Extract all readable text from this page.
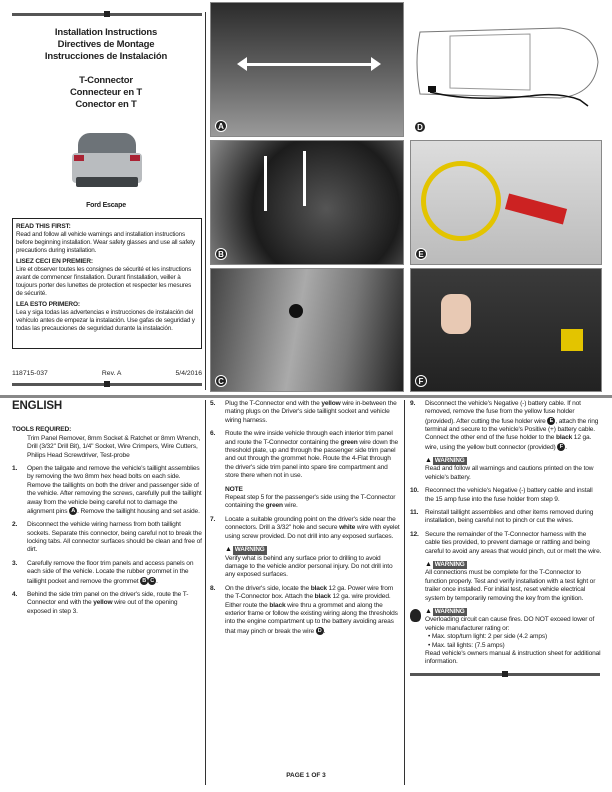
Installation Instructions
Directives de Montage
Instrucciones de Instalación
T-Connector
Connecteur en T
Conector en T
Ford Escape

READ THIS FIRST:
Read and follow all vehicle warnings and installation instructions before beginning installation. Wear safety glasses and use all safety precautions during installation.

LISEZ CECI EN PREMIER:
Lire et observer toutes les consignes de sécurité et les instructions avant de commencer l'installation. Durant l'installation, veiller à toujours porter des lunettes de protection et respecter les mesures de sécurité.

LEA ESTO PRIMERO:
Lea y siga todas las advertencias e instrucciones de instalación del vehículo antes de empezar la instalación. Use gafas de seguridad y todas las precauciones de seguridad durante la instalación.

118715-037	Rev. A	5/4/2016
A
B
C
D
E
F
ENGLISH
TOOLS REQUIRED:
Trim Panel Remover, 8mm Socket & Ratchet or 8mm Wrench, Drill (3/32" Drill Bit), 1/4" Socket, Wire Crimpers, Wire Cutters, Philips Head Screwdriver, Test-probe
1.	Open the tailgate and remove the vehicle's taillight assemblies by removing the two 8mm hex head bolts on each side. Remove the taillights on both the driver and passenger side of the vehicle. After removing the screws, carefully pull the taillight away from the vehicle being careful not to damage the alignment pins A . Remove the taillight housing and set aside.
2.	Disconnect the vehicle wiring harness from both taillight sockets. Separate this connector, being careful not to break the locking tabs. All connector surfaces should be clean and free of dirt.
3.	Carefully remove the floor trim panels and access panels on each side of the vehicle. Locate the rubber grommet in the taillight pocket and remove the grommet B C .
4.	Behind the side trim panel on the driver's side, route the T-Connector end with the yellow wire out of the opening exposed in step 3.
5.	Plug the T-Connector end with the yellow wire in-between the mating plugs on the Driver's side taillight socket and vehicle wiring harness.
6.	Route the wire inside vehicle through each interior trim panel and route the T-Connector containing the green wire down the threshold plate, up and through the passenger side trim panel and out through the grommet hole. Route the 4-Flat through the driver's side trim panel into spare tire compartment and store there when not in use.
NOTE
Repeat step 5 for the passenger's side using the T-Connector containing the green wire.
7.	Locate a suitable grounding point on the driver's side near the connectors. Drill a 3/32" hole and secure white wire with eyelet using screw provided. Do not drill into any exposed surfaces.
▲ WARNING
Verify what is behind any surface prior to drilling to avoid damage to the vehicle and/or personal injury. Do not drill into any exposed surfaces.
8.	On the driver's side, locate the black 12 ga. Power wire from the T-Connector box. Attach the black 12 ga. wire provided. Either route the black wire thru a grommet and along the exterior frame or follow the existing wiring along the thresholds into the engine compartment up to the battery avoiding areas that may pinch or break the wire D .
9.	Disconnect the vehicle's Negative (-) battery cable. If not removed, remove the fuse from the yellow fuse holder (provided). After cutting the fuse holder wire E , attach the ring terminal and secure to the vehicle's Positive (+) battery cable. Connect the other end of the fuse holder to the black 12 ga. wire, using the yellow butt connector (provided) F .
▲ WARNING
Read and follow all warnings and cautions printed on the tow vehicle's battery.
10. Reconnect the vehicle's Negative (-) battery cable and install the 15 amp fuse into the fuse holder from step 9.
11.	Reinstall taillight assemblies and other items removed during installation, being careful not to pinch or cut the wires.
12. Secure the remainder of the T-Connector harness with the cable ties provided, to prevent damage or rattling and being careful to avoid any areas that would pinch, cut or melt the wire.
▲ WARNING
All connections must be complete for the T-Connector to function properly. Test and verify installation with a test light or trailer once installed. For initial test, reset vehicle electrical system by temporarily removing the key from the ignition.
▲ WARNING
Overloading circuit can cause fires. DO NOT exceed lower of vehicle manufacturer rating or:
• Max. stop/turn light: 2 per side (4.2 amps)
• Max. tail lights: (7.5 amps)
Read vehicle's owners manual & instruction sheet for additional information.
PAGE 1 OF 3
